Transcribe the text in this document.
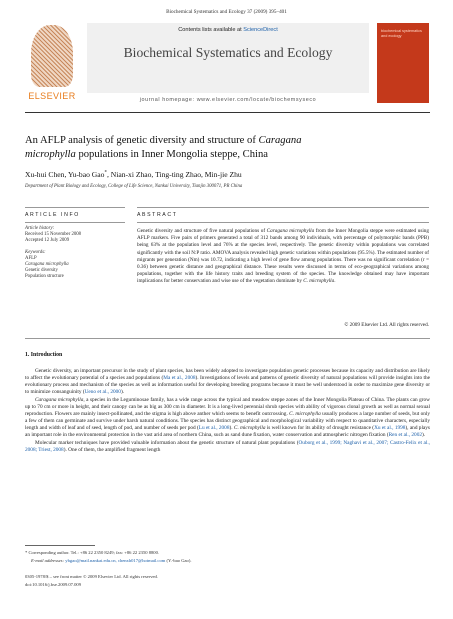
Biochemical Systematics and Ecology 37 (2009) 395–401
ELSEVIER
Contents lists available at ScienceDirect
Biochemical Systematics and Ecology
journal homepage: www.elsevier.com/locate/biochemsyseco
biochemical systematics and ecology
An AFLP analysis of genetic diversity and structure of Caragana
microphylla populations in Inner Mongolia steppe, China
Xu-hui Chen, Yu-bao Gao*, Nian-xi Zhao, Ting-ting Zhao, Min-jie Zhu
Department of Plant Biology and Ecology, College of Life Science, Nankai University, Tianjin 300071, PR China
ARTICLE INFO
Article history:
Received 15 November 2008
Accepted 12 July 2009
Keywords:
AFLP
Caragana microphylla
Genetic diversity
Population structure
ABSTRACT
Genetic diversity and structure of five natural populations of Caragana microphylla from the Inner Mongolia steppe were estimated using AFLP markers. Five pairs of primers generated a total of 312 bands among 90 individuals, with percentage of polymorphic bands (PPB) being 63% at the population level and 76% at the species level, respectively. The genetic diversity within populations was correlated significantly with the soil N:P ratio. AMOVA analysis revealed high genetic variations within populations (95.5%). The estimated number of migrants per generation (Nm) was 10.72, indicating a high level of gene flow among populations. There was no significant correlation (r = 0.36) between genetic distance and geographical distance. These results were discussed in terms of eco-geographical variations among populations, together with the life history traits and breeding system of the species. The knowledge obtained may have important implications for better conservation and wise use of the vegetation dominate by C. microphylla.
© 2009 Elsevier Ltd. All rights reserved.
1. Introduction

Genetic diversity, an important precursor in the study of plant species, has been widely adopted to investigate population genetic processes because its capacity and distribution are likely to affect the evolutionary potential of a species and populations (Ma et al., 2008). Investigations of levels and patterns of genetic diversity of natural populations will provide insights into the evolutionary process and mechanism of the species as well as information useful for developing breeding programs because it must be well understood in order to maximize gene diversity or to minimize consanguinity (Ueno et al., 2000).

Caragana microphylla, a species in the Leguminosae family, has a wide range across the typical and meadow steppe zones of the Inner Mongolia Plateau of China. The plants can grow up to 70 cm or more in height, and their canopy can be as big as 300 cm in diameter. It is a long-lived perennial shrub species with ability of vigorous clonal growth as well as normal sexual reproduction. Flowers are mainly insect-pollinated, and the stigma is high above anther which seems to benefit outcrossing. C. microphylla usually produces a large number of seeds, but only a few of them can germinate and survive under harsh natural conditions. The species has distinct geographical and morphological variability with respect to quantitative characters, especially length and width of leaf and of seed, length of pod, and number of seeds per pod (Lu et al., 2008). C. microphylla is well known for its ability of drought resistance (Xu et al., 1998), and plays an important role in the environmental protection in the vast arid area of northern China, such as sand dune fixation, water conservation and atmospheric nitrogen fixation (Ren et al., 2002).

Molecular marker techniques have provided valuable information about the genetic structure of natural plant populations (Ouborg et al., 1999; Naghavi et al., 2007; Castro-Felix et al., 2008; Triest, 2008). One of them, the amplified fragment length

* Corresponding author. Tel.: +86 22 2350 8249; fax: +86 22 2350 8800.
E-mail addresses: ybgao@mail.nankai.edu.cn, chenxh017@hotmail.com (Y.-bao Gao).
0305-1978/$ – see front matter © 2009 Elsevier Ltd. All rights reserved.
doi:10.1016/j.bse.2009.07.009
